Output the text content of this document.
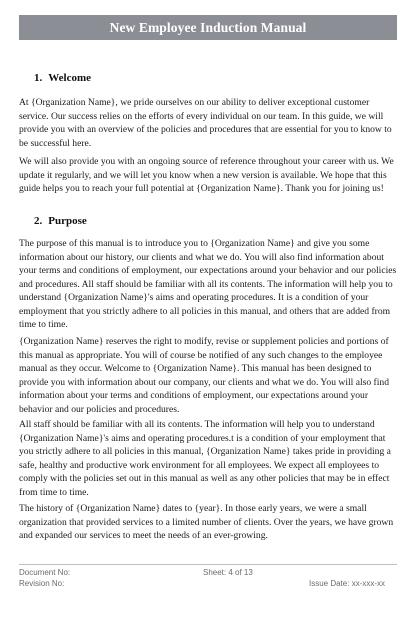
New Employee Induction Manual
1. Welcome

At {Organization Name}, we pride ourselves on our ability to deliver exceptional customer service. Our success relies on the efforts of every individual on our team. In this guide, we will provide you with an overview of the policies and procedures that are essential for you to know to be successful here.

We will also provide you with an ongoing source of reference throughout your career with us. We update it regularly, and we will let you know when a new version is available. We hope that this guide helps you to reach your full potential at {Organization Name}. Thank you for joining us!

2. Purpose

The purpose of this manual is to introduce you to {Organization Name} and give you some information about our history, our clients and what we do. You will also find information about your terms and conditions of employment, our expectations around your behavior and our policies and procedures. All staff should be familiar with all its contents. The information will help you to understand {Organization Name}'s aims and operating procedures. It is a condition of your employment that you strictly adhere to all policies in this manual, and others that are added from time to time.

{Organization Name} reserves the right to modify, revise or supplement policies and portions of this manual as appropriate. You will of course be notified of any such changes to the employee manual as they occur. Welcome to {Organization Name}. This manual has been designed to provide you with information about our company, our clients and what we do. You will also find information about your terms and conditions of employment, our expectations around your behavior and our policies and procedures.

All staff should be familiar with all its contents. The information will help you to understand {Organization Name}'s aims and operating procedures.t is a condition of your employment that you strictly adhere to all policies in this manual, {Organization Name} takes pride in providing a safe, healthy and productive work environment for all employees. We expect all employees to comply with the policies set out in this manual as well as any other policies that may be in effect from time to time.

The history of {Organization Name} dates to {year}. In those early years, we were a small organization that provided services to a limited number of clients. Over the years, we have grown and expanded our services to meet the needs of an ever-growing.

Document No:
Revision No:
Sheet: 4 of 13
Issue Date: xx-xxx-xx
